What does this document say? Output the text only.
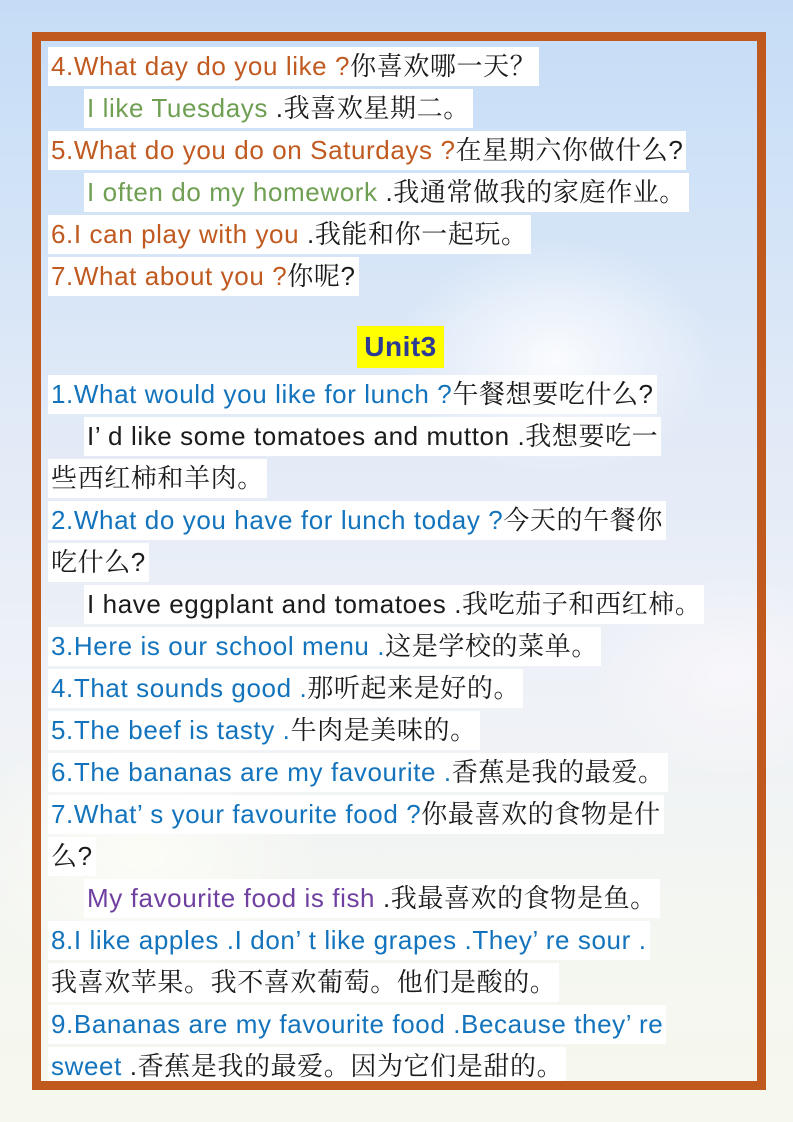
4.What day do you like ?你喜欢哪一天？
I like Tuesdays .我喜欢星期二。
5.What do you do on Saturdays ?在星期六你做什么?
I often do my homework .我通常做我的家庭作业。
6.I can play with you .我能和你一起玩。
7.What about you ?你呢?
Unit3
1.What would you like for lunch ?午餐想要吃什么?
I’ d like some tomatoes and mutton .我想要吃一
些西红柿和羊肉。
2.What do you have for lunch today ?今天的午餐你
吃什么?
I have eggplant and tomatoes .我吃茄子和西红柿。
3.Here is our school menu .这是学校的菜单。
4.That sounds good .那听起来是好的。
5.The beef is tasty .牛肉是美味的。
6.The bananas are my favourite .香蕉是我的最爱。
7.What’ s your favourite food ?你最喜欢的食物是什
么?
My favourite food is fish .我最喜欢的食物是鱼。
8.I like apples .I don’ t like grapes .They’ re sour .
我喜欢苹果。我不喜欢葡萄。他们是酸的。
9.Bananas are my favourite food .Because they’ re
sweet .香蕉是我的最爱。因为它们是甜的。
